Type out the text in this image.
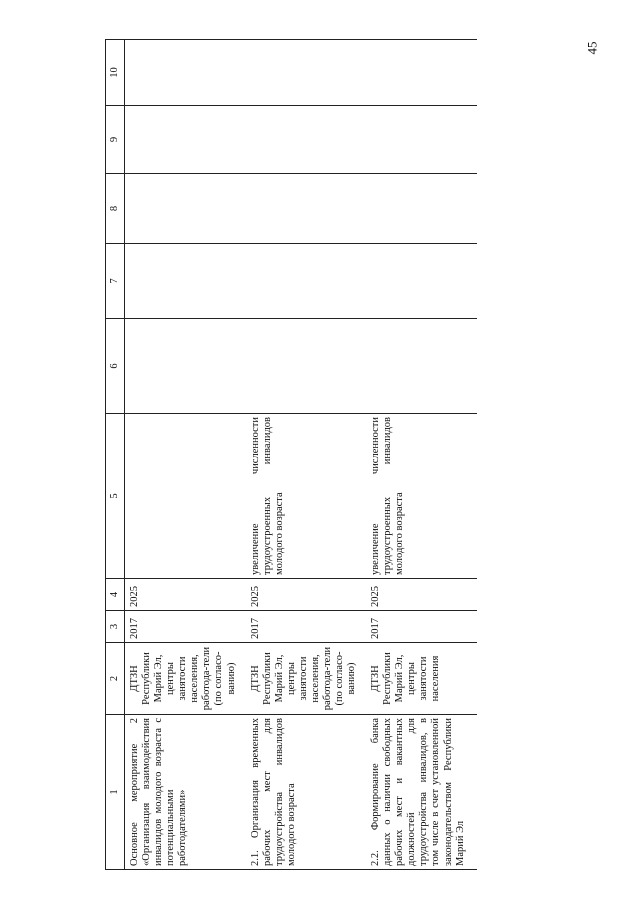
45
1	2	3	4	5	6	7	8	9	10
Основное мероприятие 2 «Организация взаимодействия инвалидов молодого возраста с потенциальными работодателями»	ДТЗН Республики Марий Эл, центры занятости населения, работода-тели (по согласо-ванию)	2017	2025						
2.1. Организация временных рабочих мест для трудоустройства инвалидов молодого возраста	ДТЗН Республики Марий Эл, центры занятости населения, работода-тели (по согласо-ванию)	2017	2025	увеличение численности трудоустроенных инвалидов молодого возраста					
2.2. Формирование банка данных о наличии свободных рабочих мест и вакантных должностей для трудоустройства инвалидов, в том числе в счет установленной законодательством Республики Марий Эл	ДТЗН Республики Марий Эл, центры занятости населения	2017	2025	увеличение численности трудоустроенных инвалидов молодого возраста					
